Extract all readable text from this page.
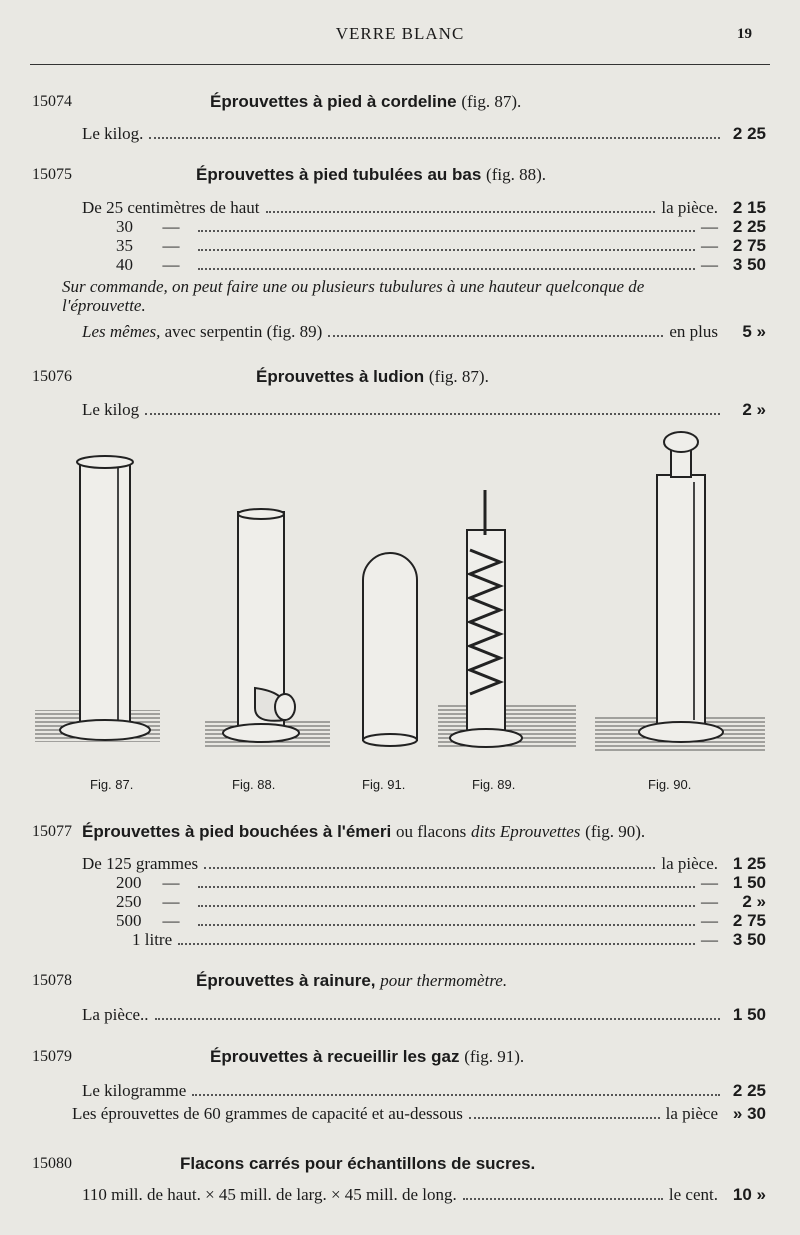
VERRE BLANC	19
15074	Éprouvettes à pied à cordeline (fig. 87).
Le kilog.	2 25
15075	Éprouvettes à pied tubulées au bas (fig. 88).
De 25 centimètres de haut	la pièce. 2 15
30 —	— 2 25
35 —	— 2 75
40 —	— 3 50
Sur commande, on peut faire une ou plusieurs tubulures à une hauteur quelconque de l'éprouvette.
Les mêmes, avec serpentin (fig. 89)	en plus	5 »
15076	Éprouvettes à ludion (fig. 87).
Le kilog	2 »
Fig. 87.	Fig. 88.	Fig. 91.	Fig. 89.	Fig. 90.
15077 Éprouvettes à pied bouchées à l'émeri ou flacons dits Eprouvettes (fig. 90).
De 125 grammes	la pièce. 1 25
200 —	— 1 50
250 —	—	2 »
500 —	— 2 75
1 litre	— 3 50
15078	Éprouvettes à rainure, pour thermomètre.
La pièce..	1 50
15079	Éprouvettes à recueillir les gaz (fig. 91).
Le kilogramme	2 25
Les éprouvettes de 60 grammes de capacité et au-dessous	la pièce » 30
15080	Flacons carrés pour échantillons de sucres.
110 mill. de haut. × 45 mill. de larg. × 45 mill. de long.	le cent. 10 »
